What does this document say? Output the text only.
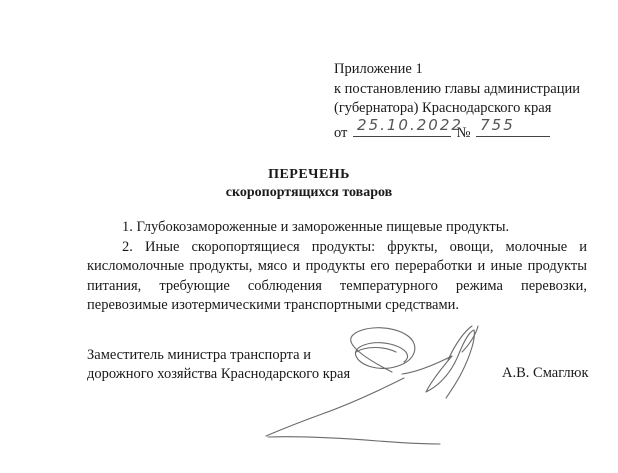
Приложение 1
к постановлению главы администрации
(губернатора) Краснодарского края
от 25.10.2022
№ 755
ПЕРЕЧЕНЬ
скоропортящихся товаров

1. Глубокозамороженные и замороженные пищевые продукты.

2. Иные скоропортящиеся продукты: фрукты, овощи, молочные и кисломолочные продукты, мясо и продукты его переработки и иные продукты питания, требующие соблюдения температурного режима перевозки, перевозимые изотермическими транспортными средствами.

Заместитель министра транспорта и
дорожного хозяйства Краснодарского края	А.В. Смаглюк
